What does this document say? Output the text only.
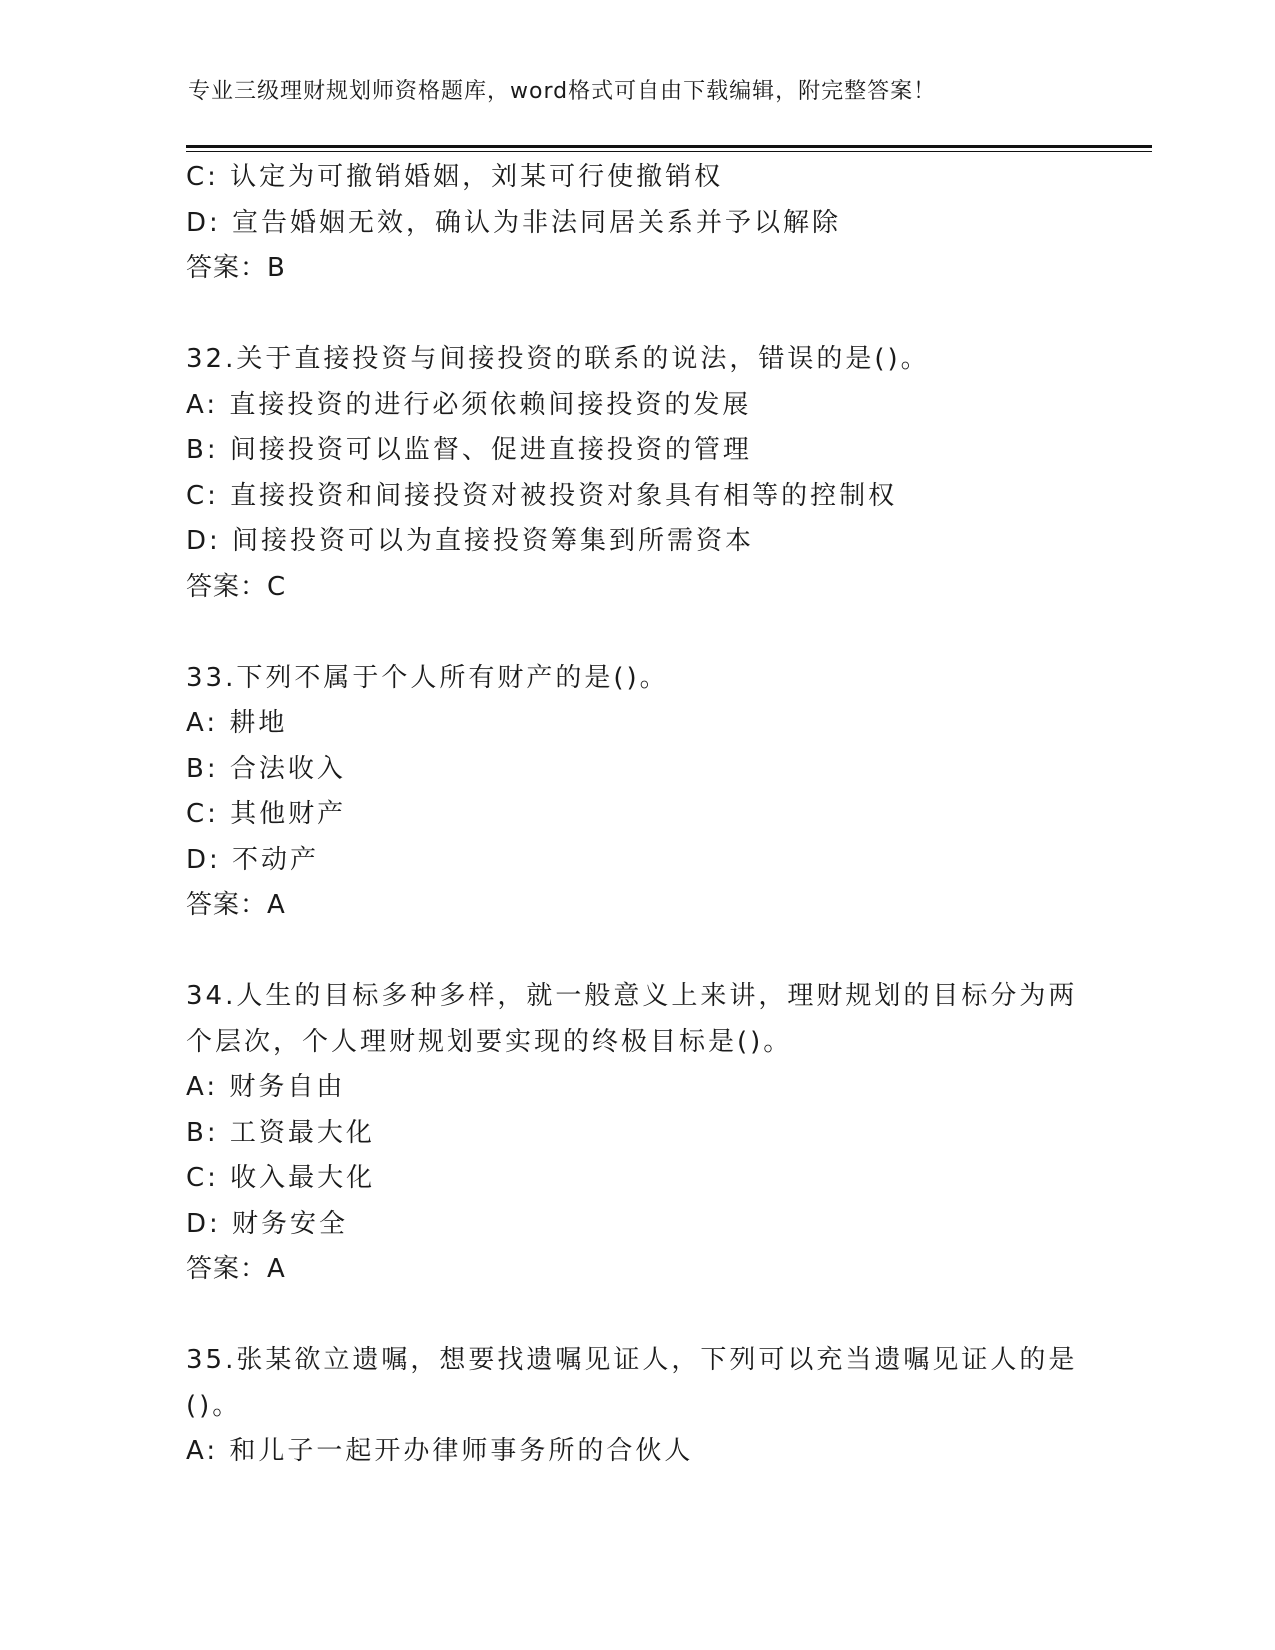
专业三级理财规划师资格题库，word格式可自由下载编辑，附完整答案！
C: 认定为可撤销婚姻，刘某可行使撤销权
D: 宣告婚姻无效，确认为非法同居关系并予以解除
答案：B
32.关于直接投资与间接投资的联系的说法，错误的是()。
A: 直接投资的进行必须依赖间接投资的发展
B: 间接投资可以监督、促进直接投资的管理
C: 直接投资和间接投资对被投资对象具有相等的控制权
D: 间接投资可以为直接投资筹集到所需资本
答案：C
33.下列不属于个人所有财产的是()。
A: 耕地
B: 合法收入
C: 其他财产
D: 不动产
答案：A
34.人生的目标多种多样，就一般意义上来讲，理财规划的目标分为两
个层次，个人理财规划要实现的终极目标是()。
A: 财务自由
B: 工资最大化
C: 收入最大化
D: 财务安全
答案：A
35.张某欲立遗嘱，想要找遗嘱见证人，下列可以充当遗嘱见证人的是
()。
A: 和儿子一起开办律师事务所的合伙人
